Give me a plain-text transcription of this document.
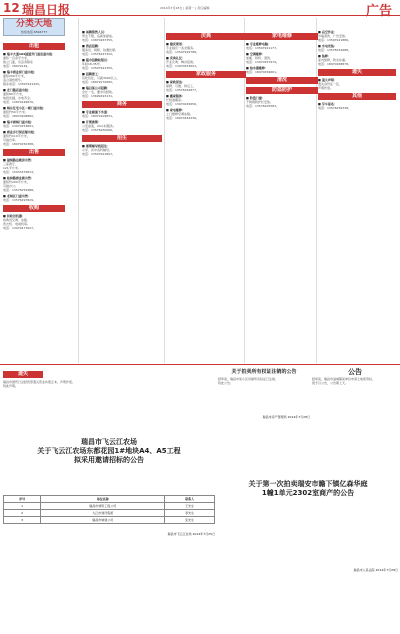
12 瑞昌日报	2014年7月28日 | 星期一 | 责任编辑：	广告
分类天地
热线电话:6594777
出租
■ 瑞丰大道104国道旁门面店面出租：
面积一百余平方米，
独立门面，有意者联系
电话：18979149。
■ 瑞丰商业街门面出租：
面积200平方米，
适合餐饮娱乐。
联系电话：13507921445。
■ 北门路店面出租：
面积80平方米，
地段优越，水电齐全。
电话：13870249876。
■ 城东住宅小区一楼门面出租：
面积约50平方米。
电话：18970208882。
■ 瑞丰商城门面出租：
电话：13970253891。
■ 商业步行街店铺出租：
面积约110平方米，
可做仓库。
电话：18970250388。
出售
■ 湓城路边楼房出售：
三室两厅，
121平方米。
电话：15933379813。
■ 桂林路商业楼出售：
面积约200平方米，
可做办公。
电话：13576252988。
■ 老城区门面出售：
电话：13576297829。
收购
■ 回收旧机器：
收购旧空调、冰箱、
洗衣机、电视机等。
电话：13979477627。
■ 诚聘销售人员：
男女不限，底薪加提成。
电话：13870267355。
■ 酒店招聘：
服务员、厨师，待遇优厚。
电话：13576247322。
■ 超市招聘收银员：
年龄18-35岁。
电话：13507921355。
■ 招聘普工：
包吃包住，月薪3000以上。
电话：18979170082。
■ 瑞昌某公司招聘：
会计一名，要求有经验。
电话：13699293131。
商务
■ 专业疏通下水道：
电话：18970109831。
■ 开锁换锁：
公安备案，24小时服务。
电话：13576250066。
招生
■ 暑期辅导班招生：
小学、初中各科辅导。
电话：13507921897。
庆典
■ 婚庆策划：
专业婚庆一条龙服务。
电话：13507929788。
■ 庆典礼仪：
开业庆典、舞台搭建。
电话：13970253691。
家政服务
■ 家政保洁：
保姆、月嫂、钟点工。
电话：13576262877。
■ 搬家服务：
长短途搬家。
电话：13970245656。
■ 家电维修：
上门维修空调冰箱。
电话：18970264336。
家电维修
■ 专业维修电脑：
电话：13507921177。
■ 空调维修：
加氟、移机、清洗。
电话：13970257979。
■ 热水器维修：
电话：18970256661。
清洗
防盗防护
■ 防盗门窗：
不锈钢防护栏安装。
电话：13576205583。
■ 高空作业：
外墙清洗，广告安装。
电话：13507921886。
■ 水电安装：
电话：13576252688。
■ 装修：
室内装修，防水补漏。
电话：18970268878。
遗失
■ 遗失声明：
遗失身份证一张，
声明作废。
其他
■ 学车报名：
电话：13576256338。
遗失
瑞昌市国贸日杂经营部遗失营业执照正本，声明作废。
特此声明。
瑞昌市飞云江农场
关于飞云江农场东都花园1#地块A4、A5工程
拟采用邀请招标的公告
序号	单位名称	联系人
1	瑞昌市建筑工程公司	王先生
2	九江市建设集团	李先生
3	瑞昌市城建公司	张先生
瑞昌市飞云江农场 2014年7月25日
关于拍卖所有权证注销的公告
经审查，瑞昌市某小区房屋所有权证已注销，
特此公告。
瑞昌市房产管理局 2014年7月28日
关于第一次拍卖瑞安市瞻下镇亿森华庭
1幢1单元2302室商产的公告
瑞昌市人民法院 2014年7月28日
公告
经审查，瑞昌市湓城镇某单位申请土地使用权，
现予以公告，公告期七天。
